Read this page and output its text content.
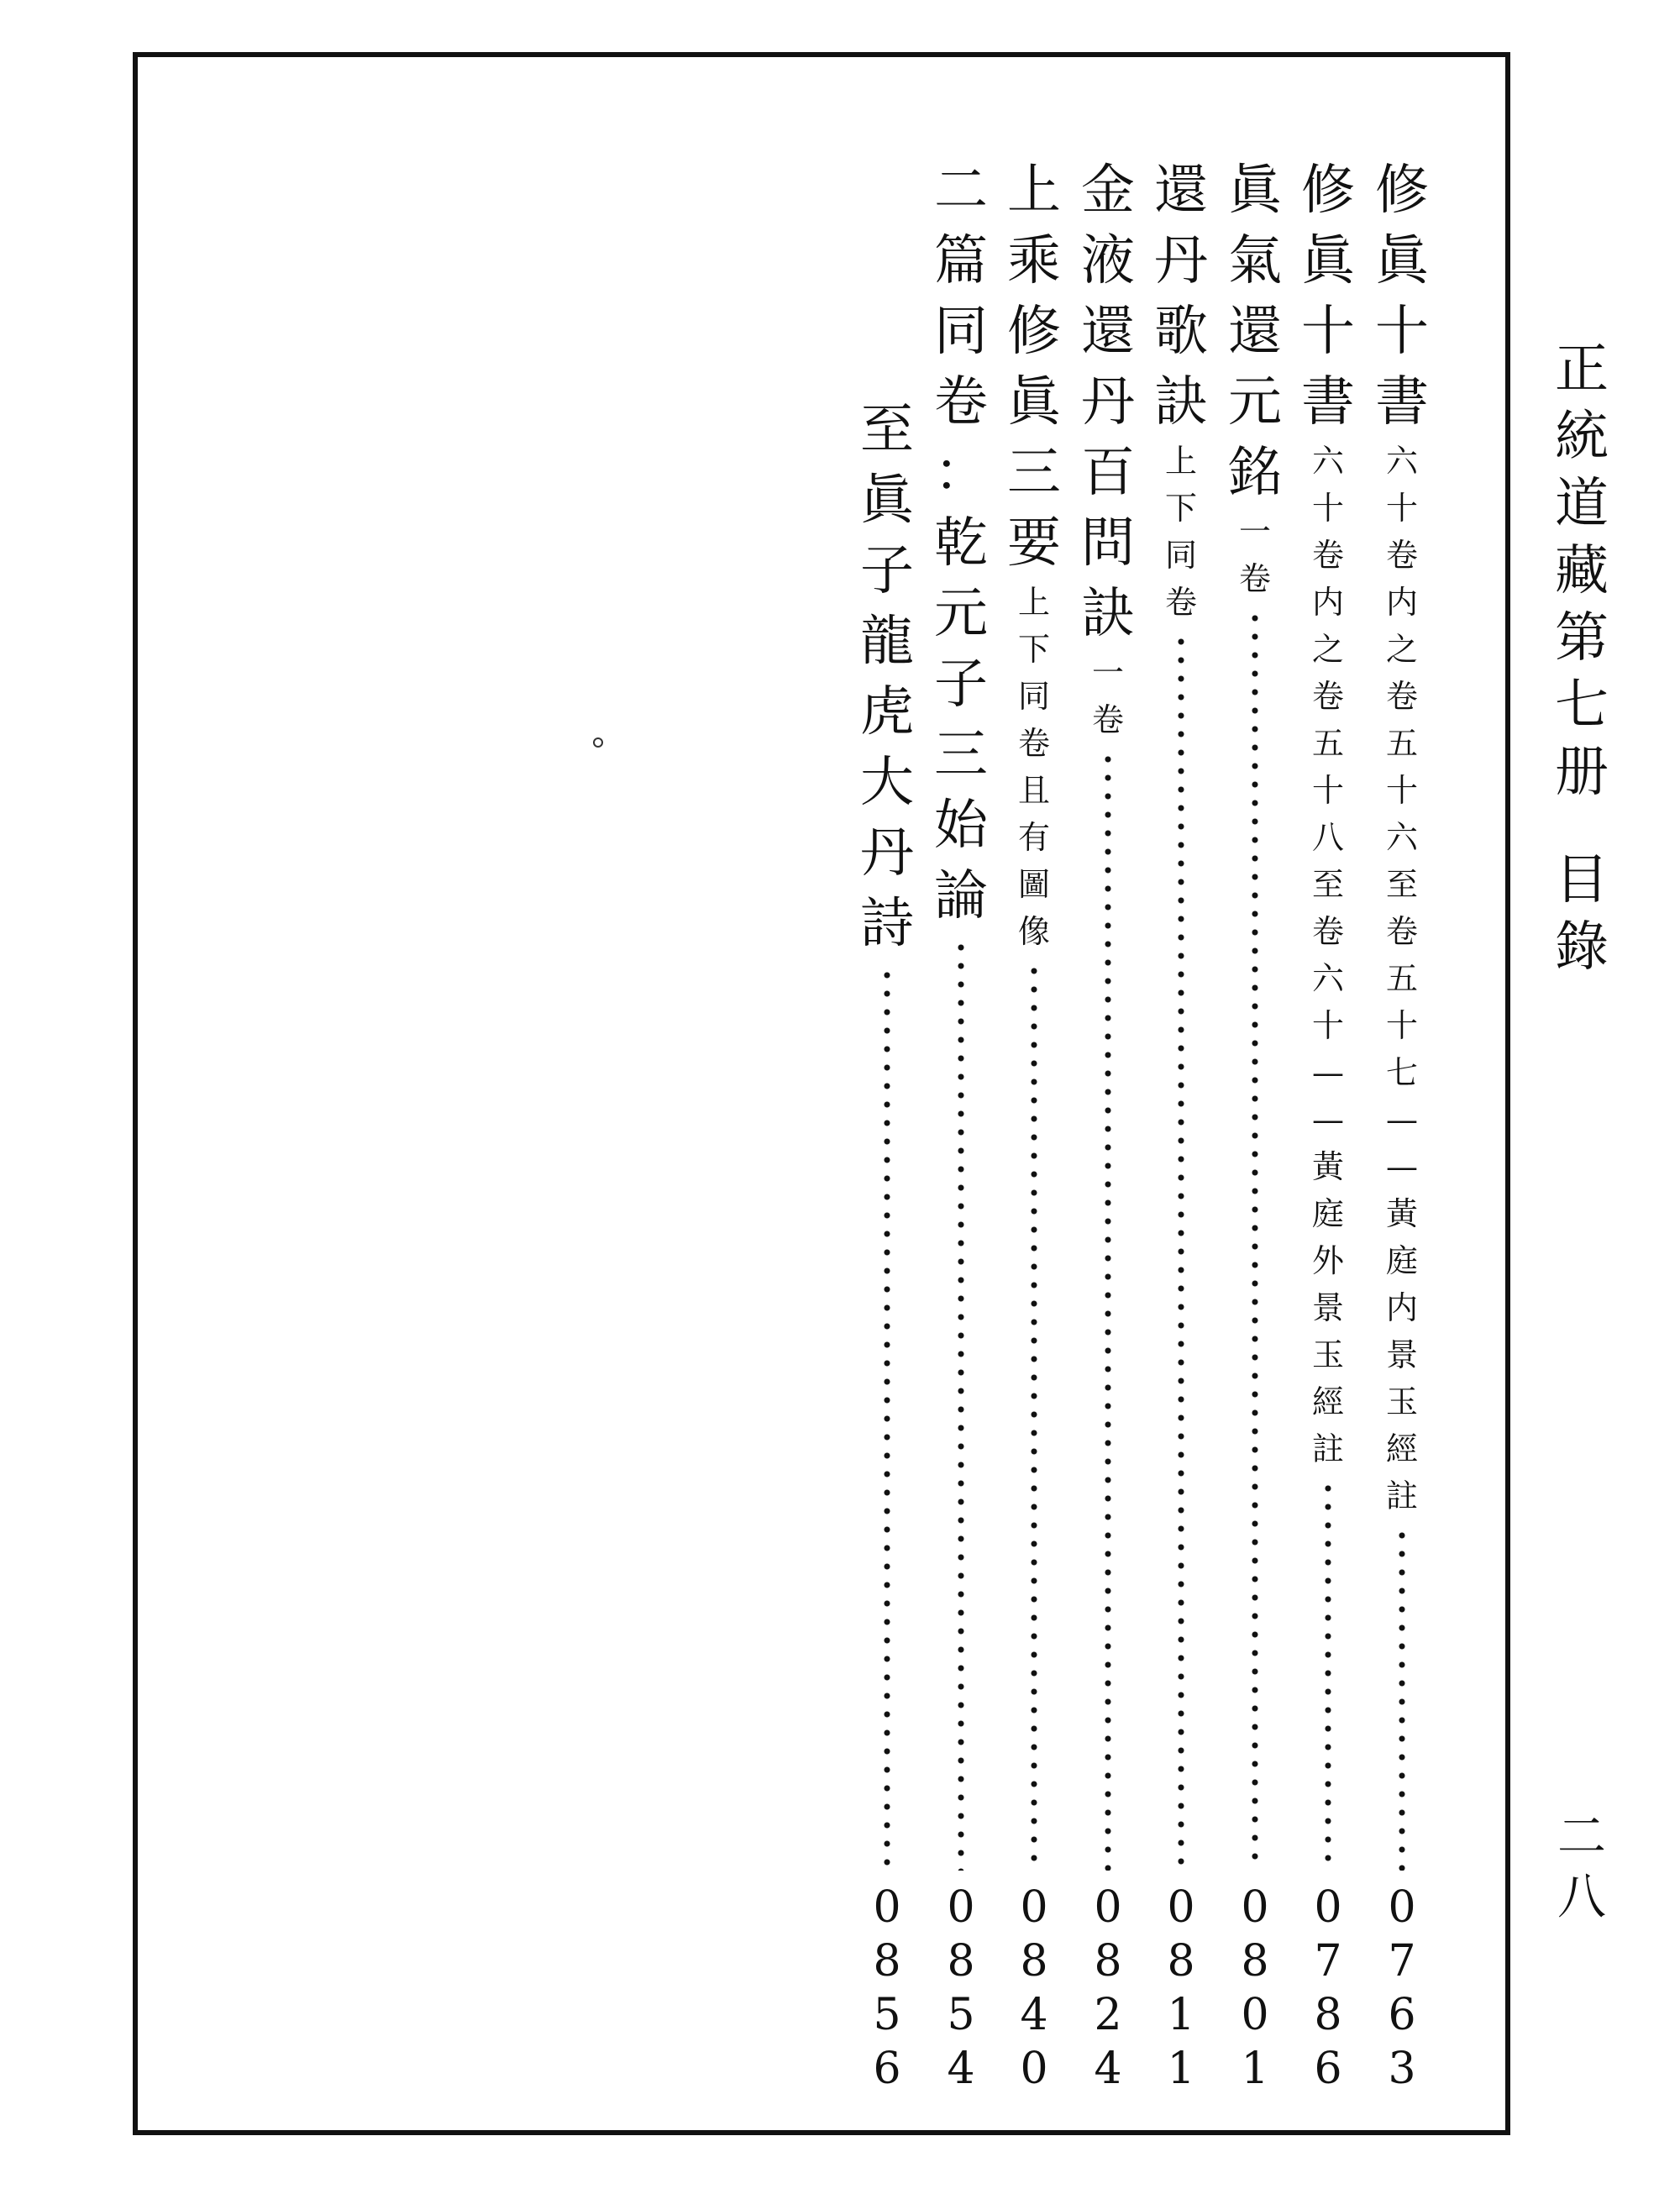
正
統
道
藏
第
七
册
目
錄
二
八
修
眞
十
書
六
十
卷
内
之
卷
五
十
六
至
卷
五
十
七
—
—
黃
庭
内
景
玉
經
註
0
7
6
3
修
眞
十
書
六
十
卷
内
之
卷
五
十
八
至
卷
六
十
—
—
黃
庭
外
景
玉
經
註
0
7
8
6
眞
氣
還
元
銘
一
卷
0
8
0
1
還
丹
歌
訣
上
下
同
卷
0
8
1
1
金
液
還
丹
百
問
訣
一
卷
0
8
2
4
上
乘
修
眞
三
要
上
下
同
卷
且
有
圖
像
0
8
4
0
二
篇
同
卷
：
乾
元
子
三
始
論
0
8
5
4
至
眞
子
龍
虎
大
丹
詩
0
8
5
6
